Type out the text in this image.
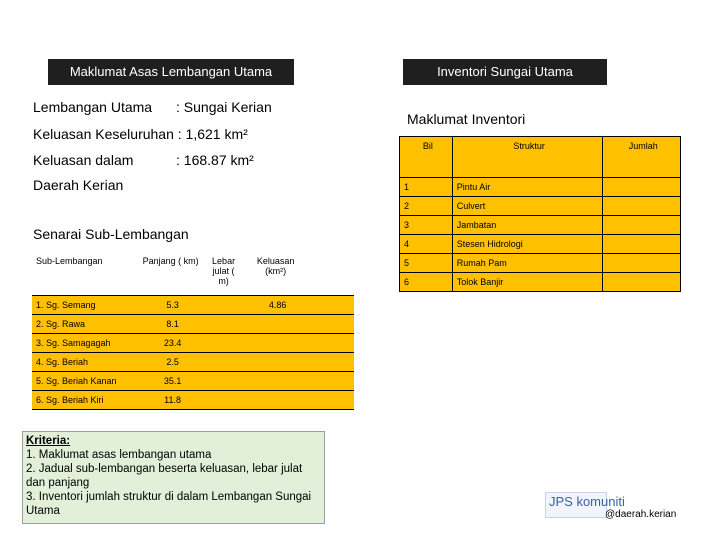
Maklumat Asas Lembangan Utama	Inventori Sungai Utama
Lembangan Utama : Sungai Kerian
Keluasan Keseluruhan : 1,621 km²
Keluasan dalam	: 168.87 km²
Daerah Kerian
Senarai Sub-Lembangan
Sub-Lembangan	Panjang ( km)	Lebar julat ( m)	Keluasan (km²)	
1. Sg. Semang	5.3		4.86	
2. Sg. Rawa	8.1			
3. Sg. Samagagah	23.4			
4. Sg. Beriah	2.5			
5. Sg. Beriah Kanan	35.1			
6. Sg. Beriah Kiri	11.8			
Maklumat Inventori
Bil	Struktur	Jumlah
1	Pintu Air	
2	Culvert	
3	Jambatan	
4	Stesen Hidrologi	
5	Rumah Pam	
6	Tolok Banjir	
Kriteria:
1. Maklumat asas lembangan utama
2. Jadual sub-lembangan beserta keluasan, lebar julat dan panjang
3. Inventori jumlah struktur di dalam Lembangan Sungai Utama
JPS komuniti
@daerah.kerian
